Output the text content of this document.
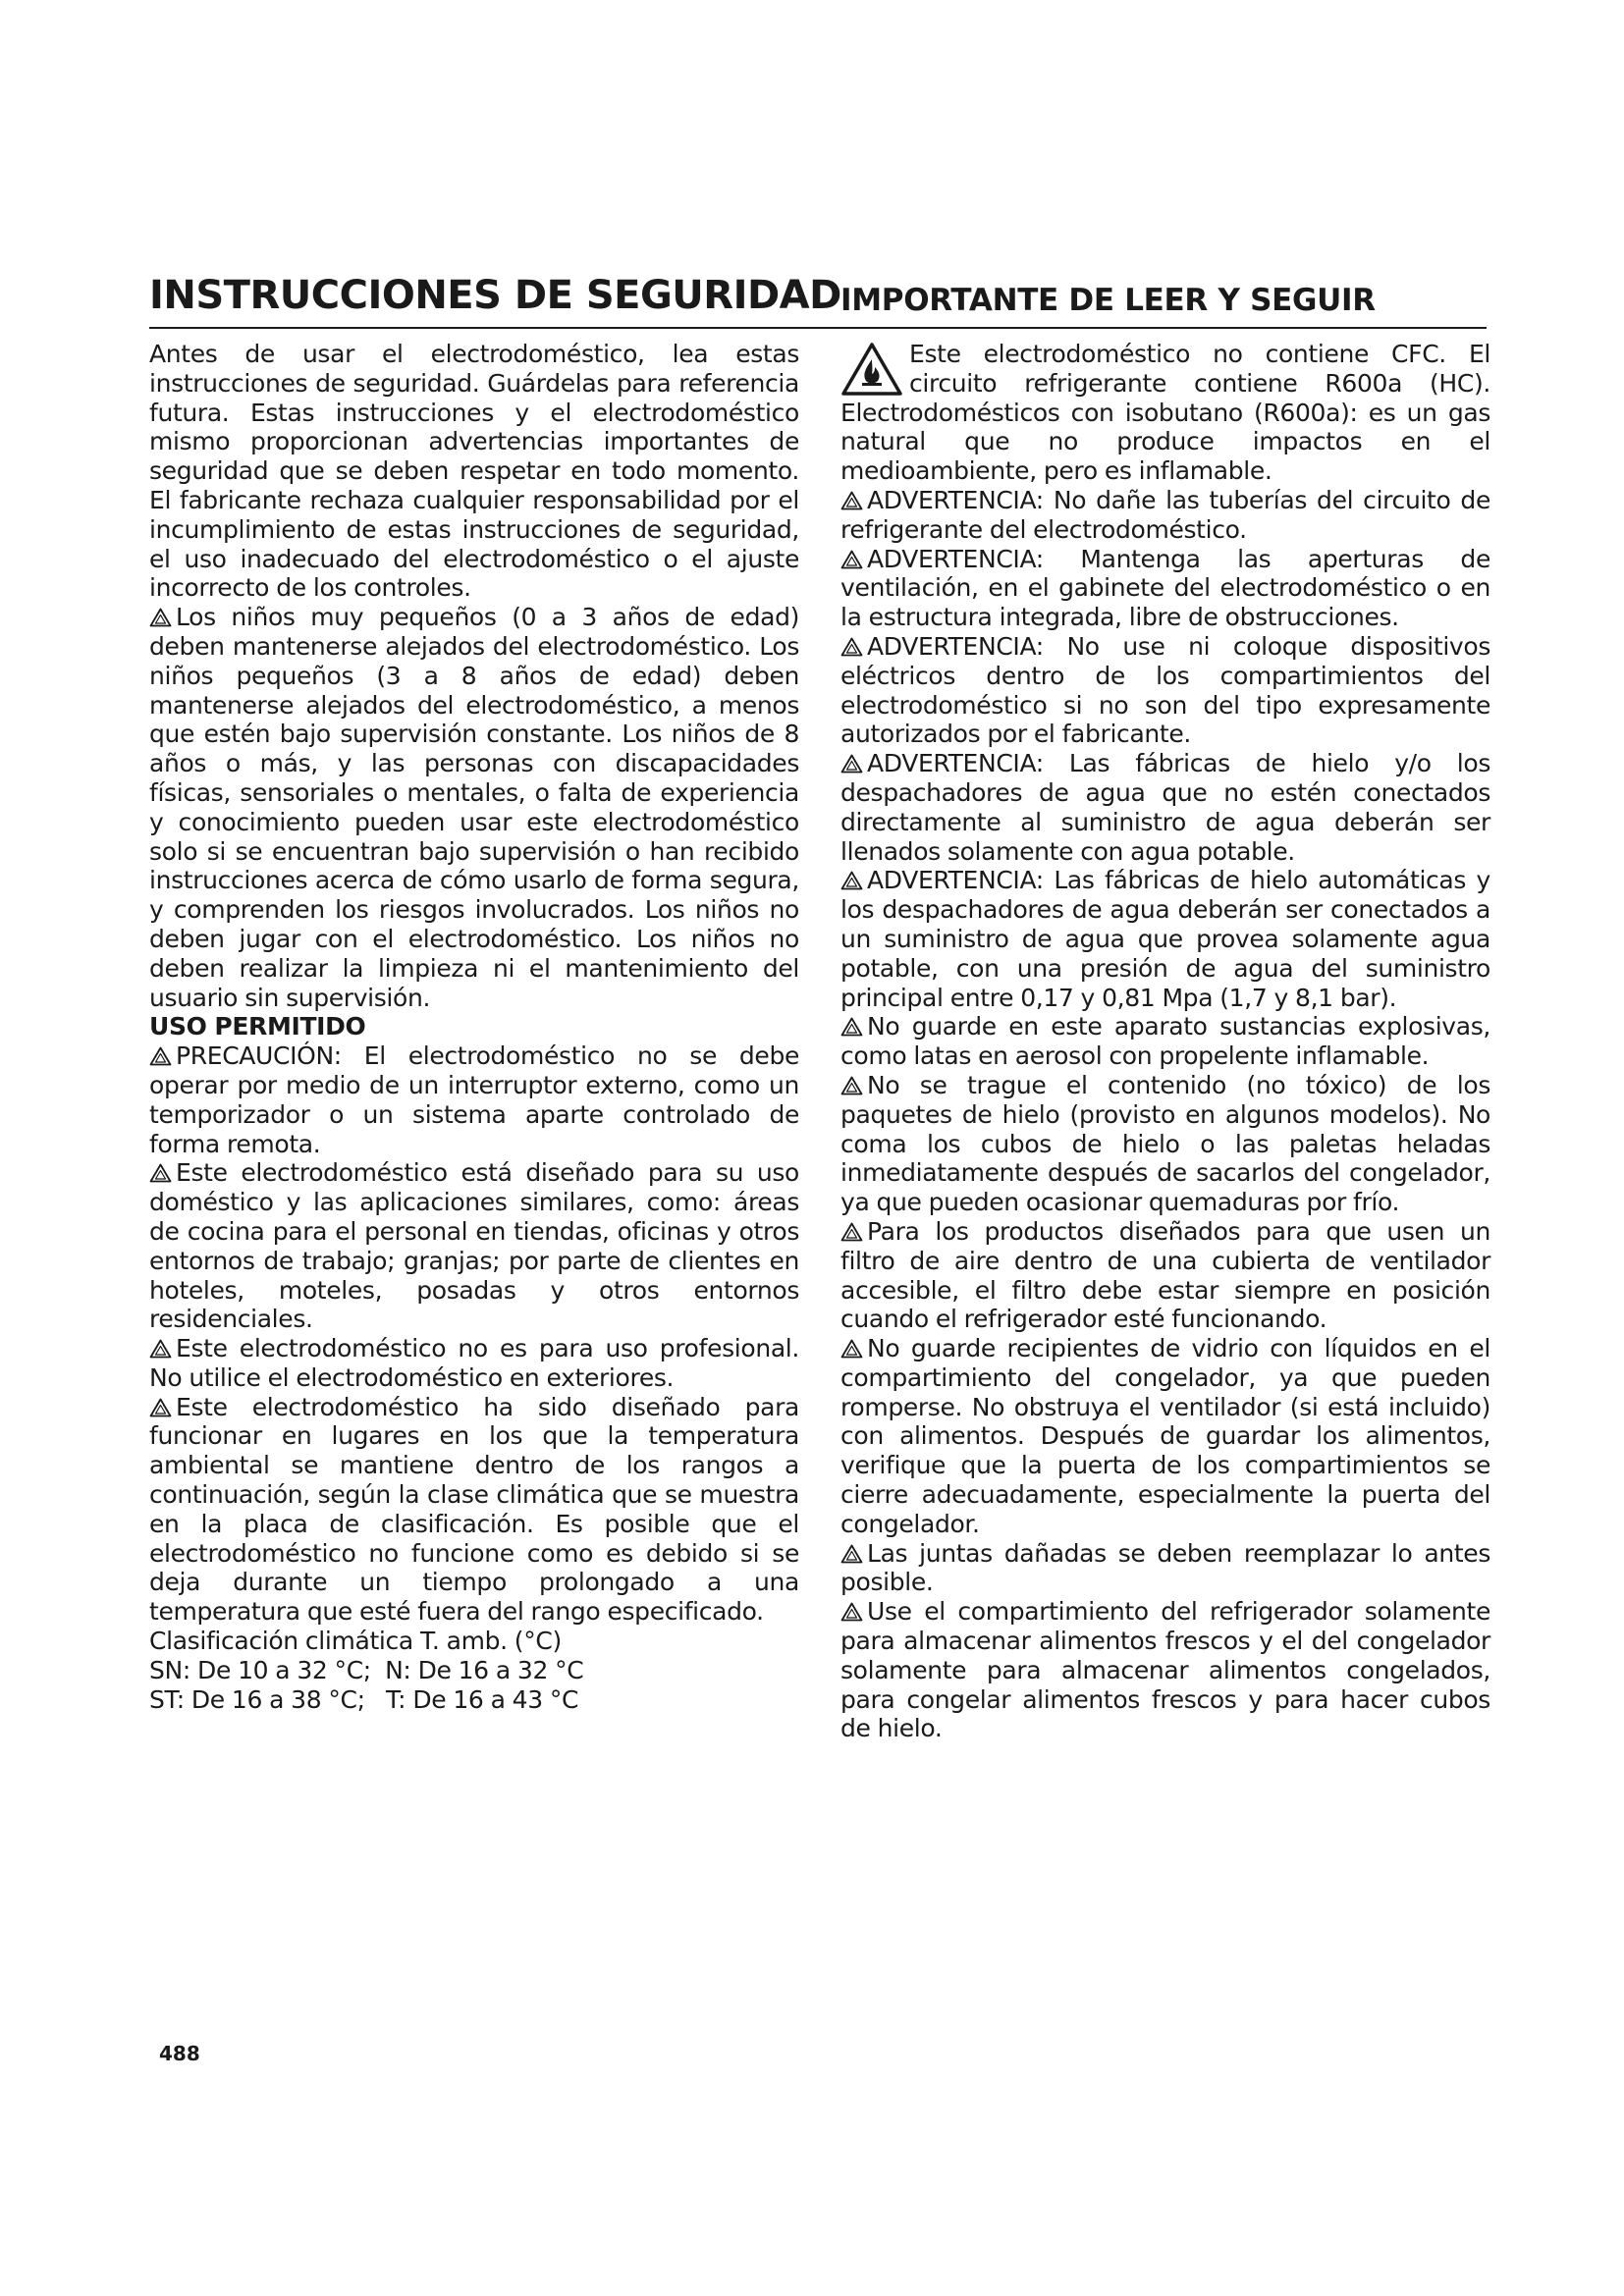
INSTRUCCIONES DE SEGURIDAD IMPORTANTE DE LEER Y SEGUIR

Antes de usar el electrodoméstico, lea estas instrucciones de seguridad. Guárdelas para referencia futura. Estas instrucciones y el electrodoméstico mismo proporcionan advertencias importantes de seguridad que se deben respetar en todo momento. El fabricante rechaza cualquier responsabilidad por el incumplimiento de estas instrucciones de seguridad, el uso inadecuado del electrodoméstico o el ajuste incorrecto de los controles.

Los niños muy pequeños (0 a 3 años de edad) deben mantenerse alejados del electrodoméstico. Los niños pequeños (3 a 8 años de edad) deben mantenerse alejados del electrodoméstico, a menos que estén bajo supervisión constante. Los niños de 8 años o más, y las personas con discapacidades físicas, sensoriales o mentales, o falta de experiencia y conocimiento pueden usar este electrodoméstico solo si se encuentran bajo supervisión o han recibido instrucciones acerca de cómo usarlo de forma segura, y comprenden los riesgos involucrados. Los niños no deben jugar con el electrodoméstico. Los niños no deben realizar la limpieza ni el mantenimiento del usuario sin supervisión.

USO PERMITIDO

PRECAUCIÓN: El electrodoméstico no se debe operar por medio de un interruptor externo, como un temporizador o un sistema aparte controlado de forma remota.

Este electrodoméstico está diseñado para su uso doméstico y las aplicaciones similares, como: áreas de cocina para el personal en tiendas, oficinas y otros entornos de trabajo; granjas; por parte de clientes en hoteles, moteles, posadas y otros entornos residenciales.

Este electrodoméstico no es para uso profesional. No utilice el electrodoméstico en exteriores.

Este electrodoméstico ha sido diseñado para funcionar en lugares en los que la temperatura ambiental se mantiene dentro de los rangos a continuación, según la clase climática que se muestra en la placa de clasificación. Es posible que el electrodoméstico no funcione como es debido si se deja durante un tiempo prolongado a una temperatura que esté fuera del rango especificado.

Clasificación climática T. amb. (°C)

SN: De 10 a 32 °C;  N: De 16 a 32 °C

ST: De 16 a 38 °C;   T: De 16 a 43 °C

Este electrodoméstico no contiene CFC. El circuito refrigerante contiene R600a (HC). Electrodomésticos con isobutano (R600a): es un gas natural que no produce impactos en el medioambiente, pero es inflamable.

ADVERTENCIA: No dañe las tuberías del circuito de refrigerante del electrodoméstico.

ADVERTENCIA: Mantenga las aperturas de ventilación, en el gabinete del electrodoméstico o en la estructura integrada, libre de obstrucciones.

ADVERTENCIA: No use ni coloque dispositivos eléctricos dentro de los compartimientos del electrodoméstico si no son del tipo expresamente autorizados por el fabricante.

ADVERTENCIA: Las fábricas de hielo y/o los despachadores de agua que no estén conectados directamente al suministro de agua deberán ser llenados solamente con agua potable.

ADVERTENCIA: Las fábricas de hielo automáticas y los despachadores de agua deberán ser conectados a un suministro de agua que provea solamente agua potable, con una presión de agua del suministro principal entre 0,17 y 0,81 Mpa (1,7 y 8,1 bar).

No guarde en este aparato sustancias explosivas, como latas en aerosol con propelente inflamable.

No se trague el contenido (no tóxico) de los paquetes de hielo (provisto en algunos modelos). No coma los cubos de hielo o las paletas heladas inmediatamente después de sacarlos del congelador, ya que pueden ocasionar quemaduras por frío.

Para los productos diseñados para que usen un filtro de aire dentro de una cubierta de ventilador accesible, el filtro debe estar siempre en posición cuando el refrigerador esté funcionando.

No guarde recipientes de vidrio con líquidos en el compartimiento del congelador, ya que pueden romperse. No obstruya el ventilador (si está incluido) con alimentos. Después de guardar los alimentos, verifique que la puerta de los compartimientos se cierre adecuadamente, especialmente la puerta del congelador.

Las juntas dañadas se deben reemplazar lo antes posible.

Use el compartimiento del refrigerador solamente para almacenar alimentos frescos y el del congelador solamente para almacenar alimentos congelados, para congelar alimentos frescos y para hacer cubos de hielo.

488
